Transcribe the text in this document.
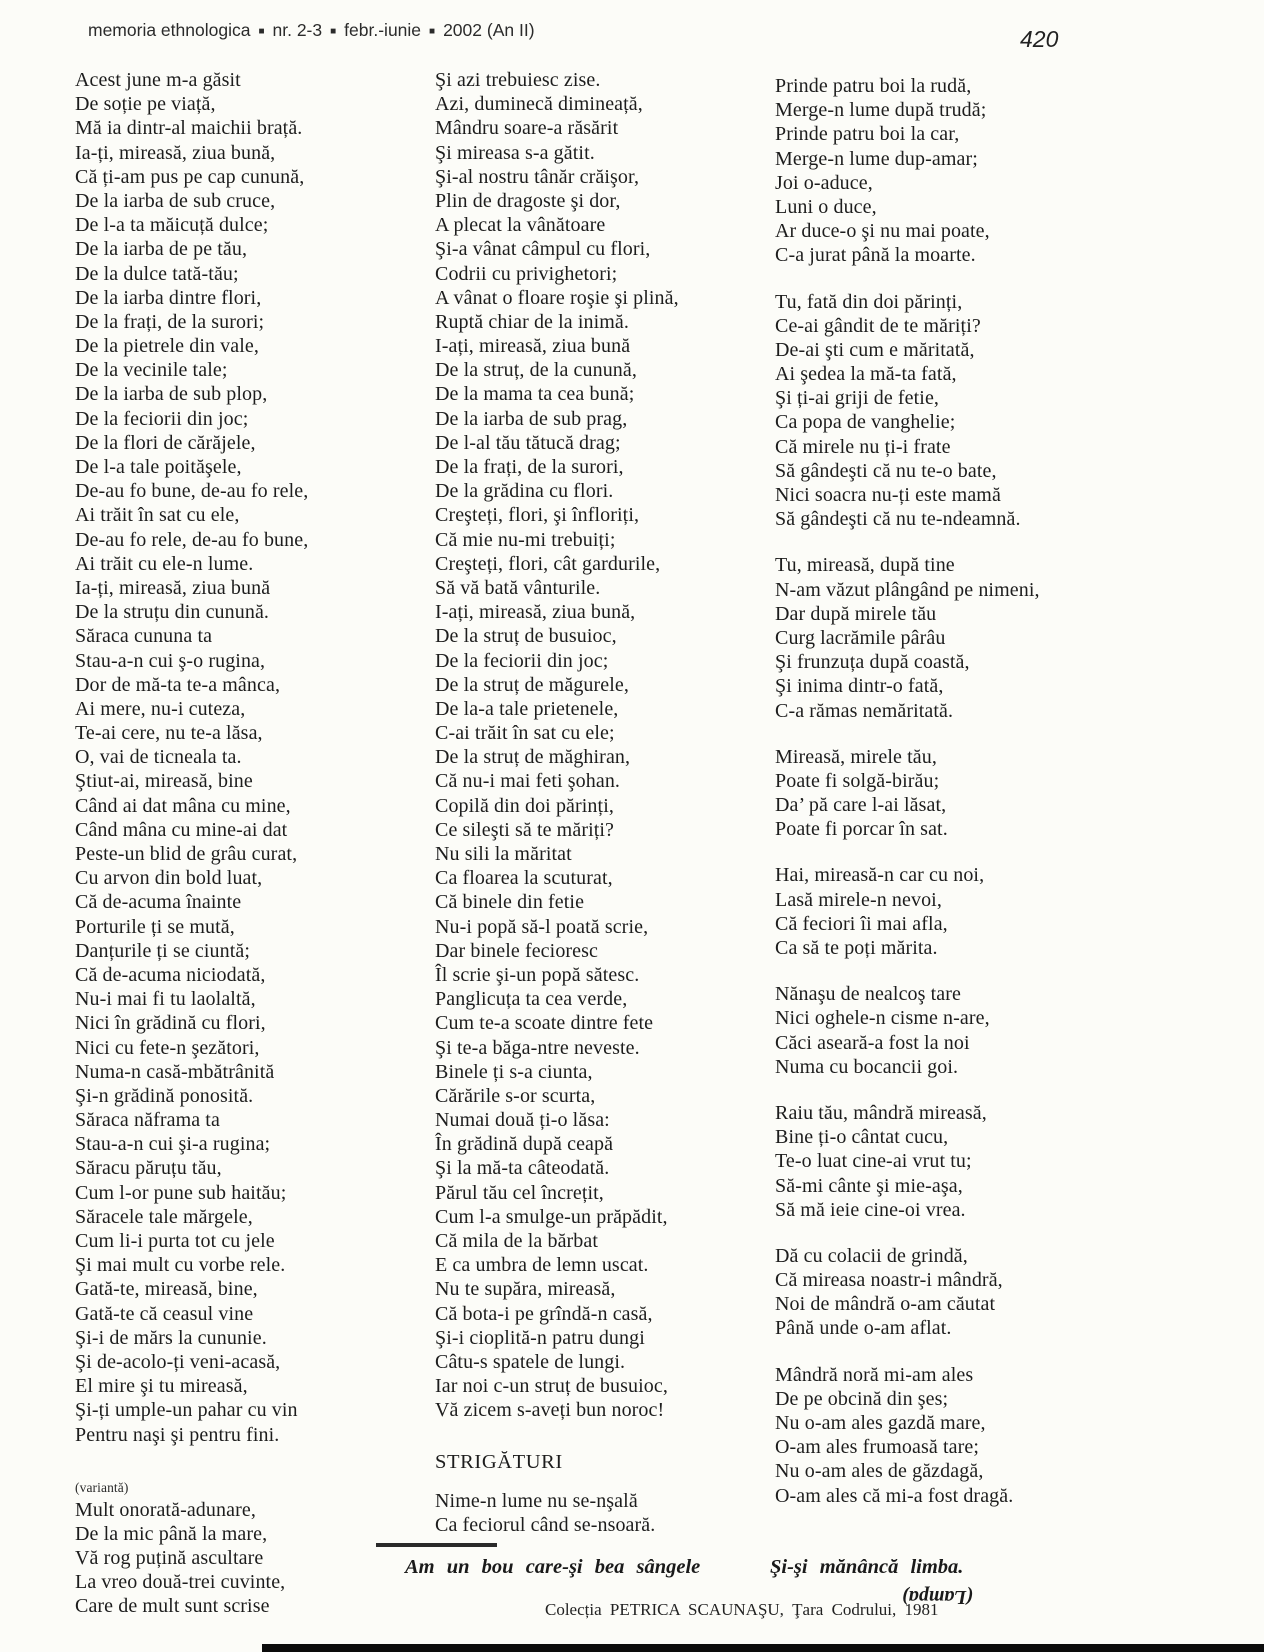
memoria ethnologica ■ nr. 2-3 ■ febr.-iunie ■ 2002 (An II)	420
Acest june m-a găsit
De soție pe viață,
Mă ia dintr-al maichii brață.
Ia-ți, mireasă, ziua bună,
Că ți-am pus pe cap cunună,
De la iarba de sub cruce,
De l-a ta măicuță dulce;
De la iarba de pe tău,
De la dulce tată-tău;
De la iarba dintre flori,
De la frați, de la surori;
De la pietrele din vale,
De la vecinile tale;
De la iarba de sub plop,
De la feciorii din joc;
De la flori de cărăjele,
De l-a tale poităşele,
De-au fo bune, de-au fo rele,
Ai trăit în sat cu ele,
De-au fo rele, de-au fo bune,
Ai trăit cu ele-n lume.
Ia-ți, mireasă, ziua bună
De la struțu din cunună.
Săraca cununa ta
Stau-a-n cui ş-o rugina,
Dor de mă-ta te-a mânca,
Ai mere, nu-i cuteza,
Te-ai cere, nu te-a lăsa,
O, vai de ticneala ta.
Ştiut-ai, mireasă, bine
Când ai dat mâna cu mine,
Când mâna cu mine-ai dat
Peste-un blid de grâu curat,
Cu arvon din bold luat,
Că de-acuma înainte
Porturile ți se mută,
Danțurile ți se ciuntă;
Că de-acuma niciodată,
Nu-i mai fi tu laolaltă,
Nici în grădină cu flori,
Nici cu fete-n şezători,
Numa-n casă-mbătrânită
Şi-n grădină ponosită.
Săraca năframa ta
Stau-a-n cui şi-a rugina;
Săracu păruțu tău,
Cum l-or pune sub haitău;
Săracele tale mărgele,
Cum li-i purta tot cu jele
Şi mai mult cu vorbe rele.
Gată-te, mireasă, bine,
Gată-te că ceasul vine
Şi-i de mărs la cununie.
Şi de-acolo-ți veni-acasă,
El mire şi tu mireasă,
Şi-ți umple-un pahar cu vin
Pentru naşi şi pentru fini.
(variantă)
Mult onorată-adunare,
De la mic până la mare,
Vă rog puțină ascultare
La vreo două-trei cuvinte,
Care de mult sunt scrise
Şi azi trebuiesc zise.
Azi, duminecă dimineață,
Mândru soare-a răsărit
Şi mireasa s-a gătit.
Şi-al nostru tânăr crăişor,
Plin de dragoste şi dor,
A plecat la vânătoare
Şi-a vânat câmpul cu flori,
Codrii cu privighetori;
A vânat o floare roşie şi plină,
Ruptă chiar de la inimă.
I-ați, mireasă, ziua bună
De la struț, de la cunună,
De la mama ta cea bună;
De la iarba de sub prag,
De l-al tău tătucă drag;
De la frați, de la surori,
De la grădina cu flori.
Creşteți, flori, şi înfloriți,
Că mie nu-mi trebuiți;
Creşteți, flori, cât gardurile,
Să vă bată vânturile.
I-ați, mireasă, ziua bună,
De la struț de busuioc,
De la feciorii din joc;
De la struț de măgurele,
De la-a tale prietenele,
C-ai trăit în sat cu ele;
De la struț de măghiran,
Că nu-i mai feti şohan.
Copilă din doi părinți,
Ce sileşti să te măriți?
Nu sili la măritat
Ca floarea la scuturat,
Că binele din fetie
Nu-i popă să-l poată scrie,
Dar binele fecioresc
Îl scrie şi-un popă sătesc.
Panglicuța ta cea verde,
Cum te-a scoate dintre fete
Şi te-a băga-ntre neveste.
Binele ți s-a ciunta,
Cărările s-or scurta,
Numai două ți-o lăsa:
În grădină după ceapă
Şi la mă-ta câteodată.
Părul tău cel încrețit,
Cum l-a smulge-un prăpădit,
Că mila de la bărbat
E ca umbra de lemn uscat.
Nu te supăra, mireasă,
Că bota-i pe grîndă-n casă,
Şi-i cioplită-n patru dungi
Câtu-s spatele de lungi.
Iar noi c-un struț de busuioc,
Vă zicem s-aveți bun noroc!
STRIGĂTURI
Nime-n lume nu se-nşală
Ca feciorul când se-nsoară.
Prinde patru boi la rudă,
Merge-n lume după trudă;
Prinde patru boi la car,
Merge-n lume dup-amar;
Joi o-aduce,
Luni o duce,
Ar duce-o şi nu mai poate,
C-a jurat până la moarte.
Tu, fată din doi părinți,
Ce-ai gândit de te măriți?
De-ai şti cum e măritată,
Ai şedea la mă-ta fată,
Şi ți-ai griji de fetie,
Ca popa de vanghelie;
Că mirele nu ți-i frate
Să gândeşti că nu te-o bate,
Nici soacra nu-ți este mamă
Să gândeşti că nu te-ndeamnă.
Tu, mireasă, după tine
N-am văzut plângând pe nimeni,
Dar după mirele tău
Curg lacrămile pârâu
Şi frunzuța după coastă,
Şi inima dintr-o fată,
C-a rămas nemăritată.
Mireasă, mirele tău,
Poate fi solgă-birău;
Da’ pă care l-ai lăsat,
Poate fi porcar în sat.
Hai, mireasă-n car cu noi,
Lasă mirele-n nevoi,
Că feciori îi mai afla,
Ca să te poți mărita.
Nănaşu de nealcoş tare
Nici oghele-n cisme n-are,
Căci aseară-a fost la noi
Numa cu bocancii goi.
Raiu tău, mândră mireasă,
Bine ți-o cântat cucu,
Te-o luat cine-ai vrut tu;
Să-mi cânte şi mie-aşa,
Să mă ieie cine-oi vrea.
Dă cu colacii de grindă,
Că mireasa noastr-i mândră,
Noi de mândră o-am căutat
Până unde o-am aflat.
Mândră noră mi-am ales
De pe obcină din şes;
Nu o-am ales gazdă mare,
O-am ales frumoasă tare;
Nu o-am ales de găzdagă,
O-am ales că mi-a fost dragă.
Am un bou care-şi bea sângele	Şi-şi mănâncă limba.
(Lampa)
Colecția PETRICA SCAUNAŞU, Ţara Codrului, 1981
